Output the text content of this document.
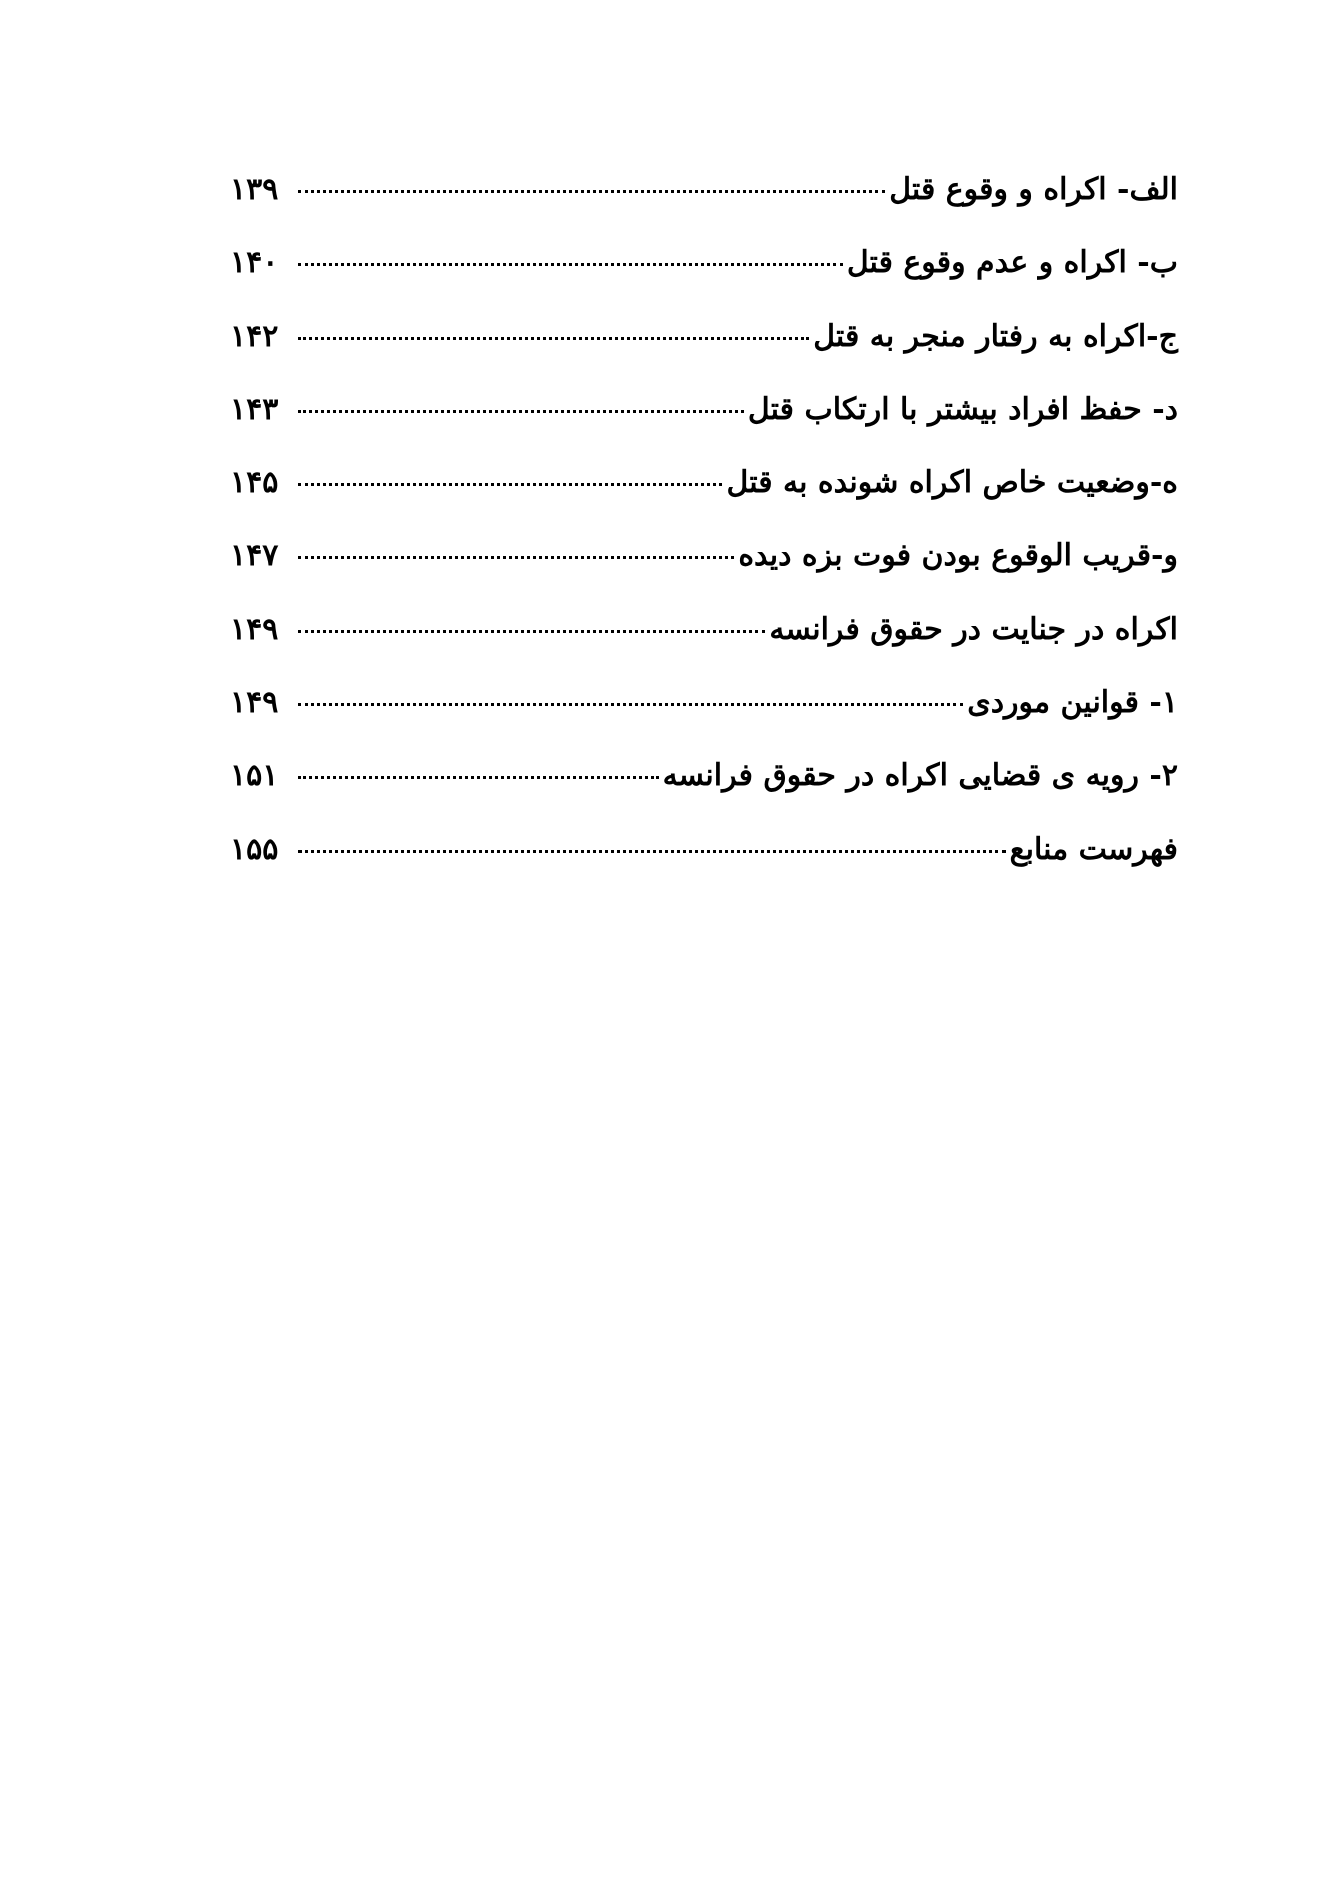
الف- اکراه و وقوع قتل
۱۳۹
ب- اکراه و عدم وقوع قتل
۱۴۰
ج-اکراه به رفتار منجر به قتل
۱۴۲
د- حفظ افراد بیشتر با ارتکاب قتل
۱۴۳
ه-وضعیت خاص اکراه شونده به قتل
۱۴۵
و-قریب الوقوع بودن فوت بزه دیده
۱۴۷
اکراه در جنایت در حقوق فرانسه
۱۴۹
۱- قوانین موردی
۱۴۹
۲- رویه ی قضایی اکراه در حقوق فرانسه
۱۵۱
فهرست منابع
۱۵۵
